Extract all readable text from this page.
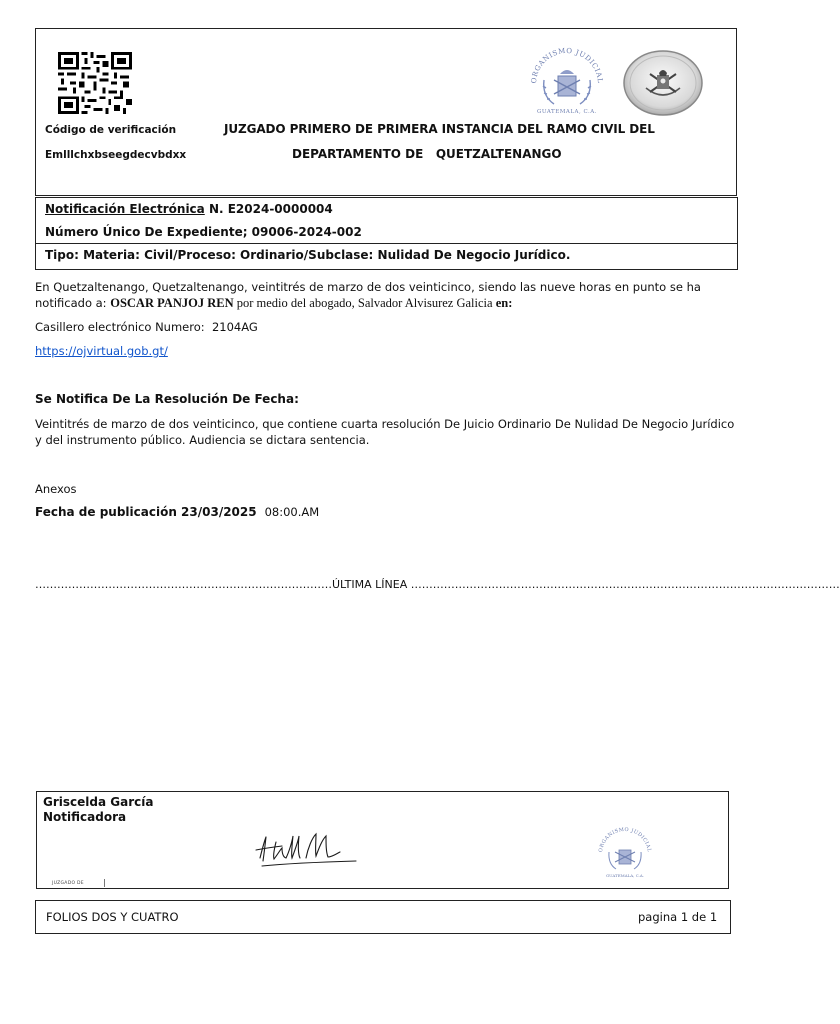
Código de verificación
Emlllchxbseegdecvbdxx
JUZGADO PRIMERO DE PRIMERA INSTANCIA DEL RAMO CIVIL DEL
DEPARTAMENTO DE   QUETZALTENANGO
ORGANISMO JUDICIAL
GUATEMALA, C.A.
Notificación Electrónica N. E2024-0000004
Número Único De Expediente; 09006-2024-002
Tipo: Materia: Civil/Proceso: Ordinario/Subclase: Nulidad De Negocio Jurídico.
En Quetzaltenango, Quetzaltenango, veintitrés de marzo de dos veinticinco, siendo las nueve horas en punto se ha notificado a: OSCAR PANJOJ REN por medio del abogado, Salvador Alvisurez Galicia en:
Casillero electrónico Numero:  2104AG
https://ojvirtual.gob.gt/
Se Notifica De La Resolución De Fecha:
Veintitrés de marzo de dos veinticinco, que contiene cuarta resolución De Juicio Ordinario De Nulidad De Negocio Jurídico y del instrumento público. Audiencia se dictara sentencia.
Anexos
Fecha de publicación 23/03/2025 08:00.AM
………………………………………………………………………ÚLTIMA LÍNEA ………………………………………………………………………………………………………
Griscelda García
Notificadora
ORGANISMO JUDICIAL
GUATEMALA, C.A.
JUZGADO DE
FOLIOS DOS Y CUATRO	pagina 1 de 1
